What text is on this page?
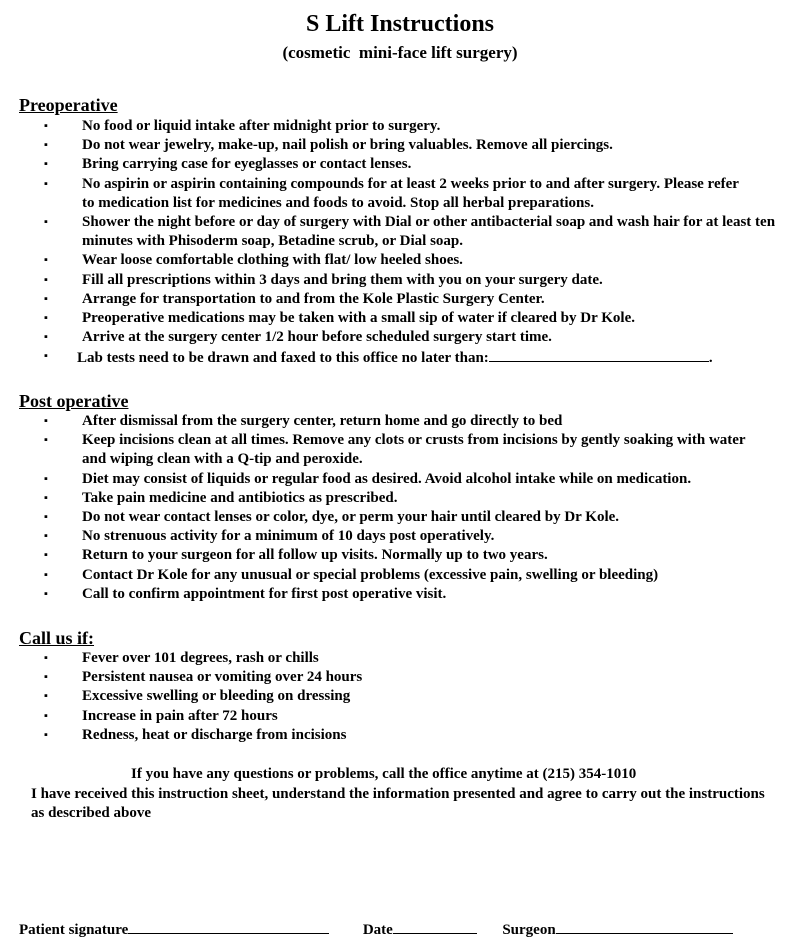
S Lift Instructions
(cosmetic  mini-face lift surgery)
Preoperative
▪ No food or liquid intake after midnight prior to surgery.
▪ Do not wear jewelry, make-up, nail polish or bring valuables. Remove all piercings.
▪ Bring carrying case for eyeglasses or contact lenses.
▪ No aspirin or aspirin containing compounds for at least 2 weeks prior to and after surgery. Please refer to medication list for medicines and foods to avoid. Stop all herbal preparations.
▪ Shower the night before or day of surgery with Dial or other antibacterial soap and wash hair for at least ten minutes with Phisoderm soap, Betadine scrub, or Dial soap.
▪ Wear loose comfortable clothing with flat/ low heeled shoes.
▪ Fill all prescriptions within 3 days and bring them with you on your surgery date.
▪ Arrange for transportation to and from the Kole Plastic Surgery Center.
▪ Preoperative medications may be taken with a small sip of water if cleared by Dr Kole.
▪ Arrive at the surgery center 1/2 hour before scheduled surgery start time.
▪ Lab tests need to be drawn and faxed to this office no later than:	.
Post operative
▪ After dismissal from the surgery center, return home and go directly to bed
▪ Keep incisions clean at all times. Remove any clots or crusts from incisions by gently soaking with water and wiping clean with a Q-tip and peroxide.
▪ Diet may consist of liquids or regular food as desired. Avoid alcohol intake while on medication.
▪ Take pain medicine and antibiotics as prescribed.
▪ Do not wear contact lenses or color, dye, or perm your hair until cleared by Dr Kole.
▪ No strenuous activity for a minimum of 10 days post operatively.
▪ Return to your surgeon for all follow up visits. Normally up to two years.
▪ Contact Dr Kole for any unusual or special problems (excessive pain, swelling or bleeding)
▪ Call to confirm appointment for first post operative visit.
Call us if:
▪ Fever over 101 degrees, rash or chills
▪ Persistent nausea or vomiting over 24 hours
▪ Excessive swelling or bleeding on dressing
▪ Increase in pain after 72 hours
▪ Redness, heat or discharge from incisions
If you have any questions or problems, call the office anytime at (215) 354-1010
I have received this instruction sheet, understand the information presented and agree to carry out the instructions as described above
Patient signature	Date	Surgeon
